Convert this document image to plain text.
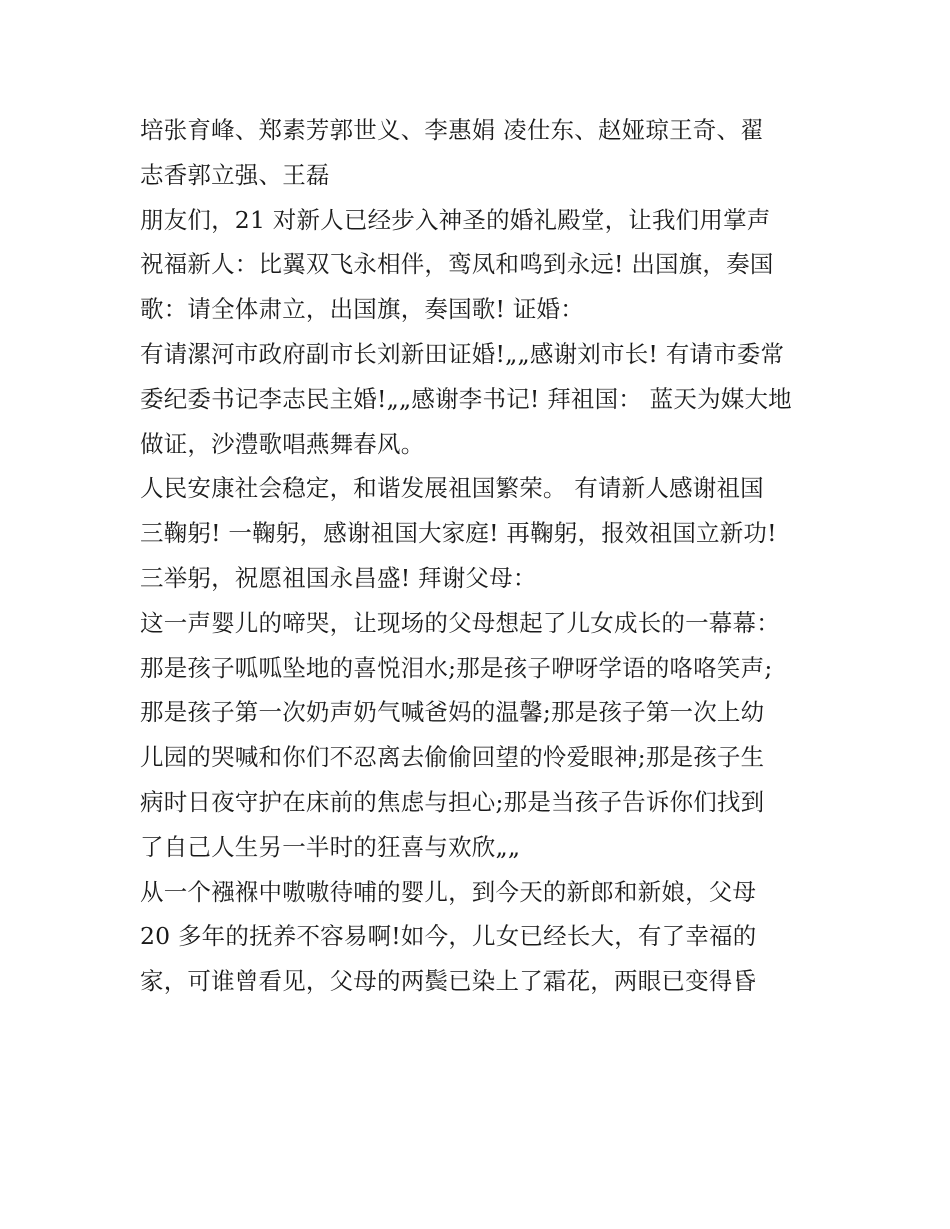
培张育峰、郑素芳郭世义、李惠娟 凌仕东、赵娅琼王奇、翟
志香郭立强、王磊
朋友们，21 对新人已经步入神圣的婚礼殿堂，让我们用掌声
祝福新人：比翼双飞永相伴，鸾凤和鸣到永远! 出国旗，奏国
歌：请全体肃立，出国旗，奏国歌! 证婚：
有请漯河市政府副市长刘新田证婚!„„感谢刘市长! 有请市委常
委纪委书记李志民主婚!„„感谢李书记! 拜祖国： 蓝天为媒大地
做证，沙澧歌唱燕舞春风。
人民安康社会稳定，和谐发展祖国繁荣。 有请新人感谢祖国
三鞠躬! 一鞠躬，感谢祖国大家庭! 再鞠躬，报效祖国立新功!
三举躬，祝愿祖国永昌盛! 拜谢父母：
这一声婴儿的啼哭，让现场的父母想起了儿女成长的一幕幕：
那是孩子呱呱坠地的喜悦泪水;那是孩子咿呀学语的咯咯笑声;
那是孩子第一次奶声奶气喊爸妈的温馨;那是孩子第一次上幼
儿园的哭喊和你们不忍离去偷偷回望的怜爱眼神;那是孩子生
病时日夜守护在床前的焦虑与担心;那是当孩子告诉你们找到
了自己人生另一半时的狂喜与欢欣„„
从一个襁褓中嗷嗷待哺的婴儿，到今天的新郎和新娘，父母
20 多年的抚养不容易啊!如今，儿女已经长大，有了幸福的
家，可谁曾看见，父母的两鬓已染上了霜花，两眼已变得昏
